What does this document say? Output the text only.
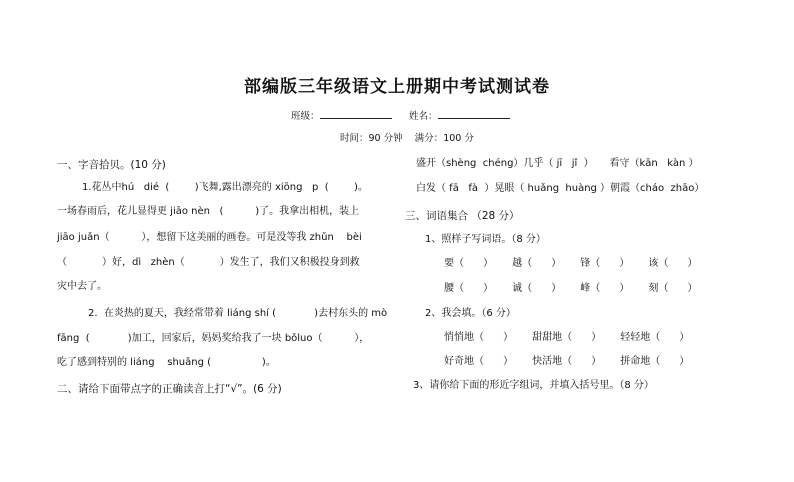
部编版三年级语文上册期中考试测试卷
班级：	姓名：
时间：90 分钟    满分：100 分
一、字音拾贝。(10 分)
1.花丛中hú   dié  (        )飞舞,露出漂亮的 xiōng   p  (        )。
一场春雨后，花儿显得更 jiāo nèn   (          )了。我拿出相机，装上
jiāo juǎn（          ），想留下这美丽的画卷。可是没等我 zhǔn    bèi
（           ）好，dì   zhèn（           ）发生了，我们又积极投身到救
灾中去了。
2.  在炎热的夏天，我经常带着 liáng shí (            )去村东头的 mò
fāng  (            )加工，回家后，妈妈奖给我了一块 bǒluo（          ），
吃了感到特别的 liáng    shuǎng (                )。
二、请给下面带点字的正确读音上打“√”。(6 分)
盛开（shèng  chéng）几乎（ jī   jǐ  ）     看守（kān   kàn ）
白发（ fā   fà  ）晃眼（ huǎng  huàng ）朝霞（cháo  zhāo）
三、词语集合 （28 分）
1、照样子写词语。（8 分）
要（      ）      越（      ）      锋（      ）      该（      ）
腰（      ）      诚（      ）      峰（      ）      刻（      ）
2、我会填。（6 分）
悄悄地（      ）      甜甜地（      ）      轻轻地（      ）
好奇地（      ）      快活地（      ）      拼命地（      ）
3、请你给下面的形近字组词，并填入括号里。（8 分）
